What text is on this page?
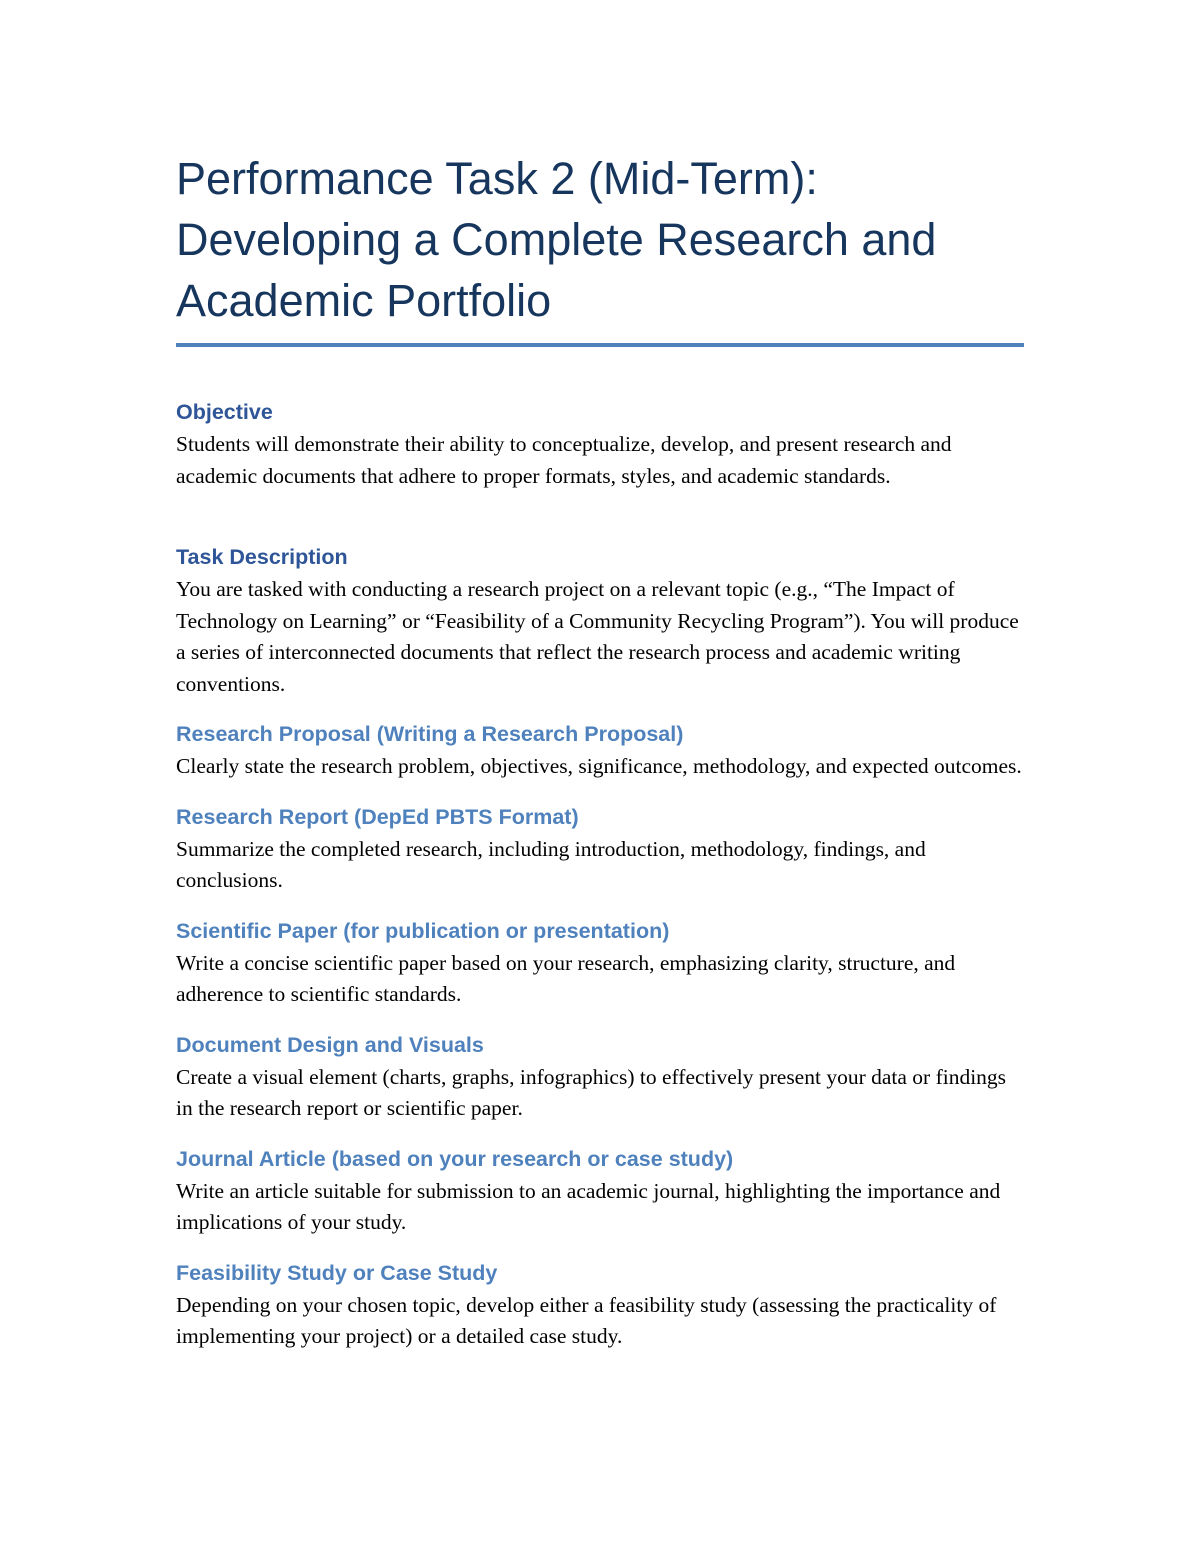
Performance Task 2 (Mid-Term):
Developing a Complete Research and
Academic Portfolio
Objective

Students will demonstrate their ability to conceptualize, develop, and present research and academic documents that adhere to proper formats, styles, and academic standards.

Task Description

You are tasked with conducting a research project on a relevant topic (e.g., “The Impact of Technology on Learning” or “Feasibility of a Community Recycling Program”). You will produce a series of interconnected documents that reflect the research process and academic writing conventions.

Research Proposal (Writing a Research Proposal)

Clearly state the research problem, objectives, significance, methodology, and expected outcomes.

Research Report (DepEd PBTS Format)

Summarize the completed research, including introduction, methodology, findings, and conclusions.

Scientific Paper (for publication or presentation)

Write a concise scientific paper based on your research, emphasizing clarity, structure, and adherence to scientific standards.

Document Design and Visuals

Create a visual element (charts, graphs, infographics) to effectively present your data or findings in the research report or scientific paper.

Journal Article (based on your research or case study)

Write an article suitable for submission to an academic journal, highlighting the importance and implications of your study.

Feasibility Study or Case Study

Depending on your chosen topic, develop either a feasibility study (assessing the practicality of implementing your project) or a detailed case study.
